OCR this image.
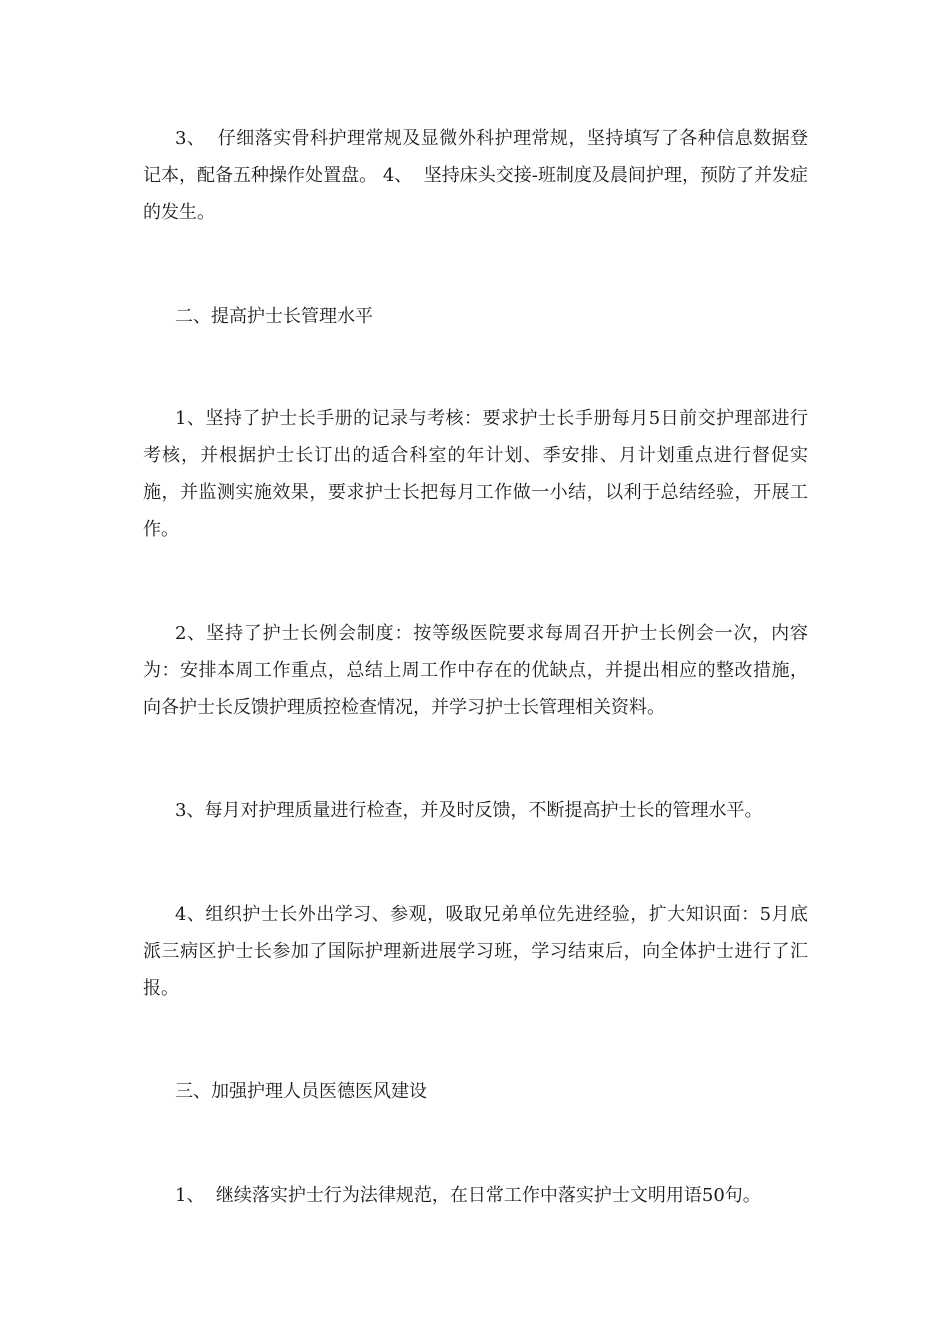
3、  仔细落实骨科护理常规及显微外科护理常规，坚持填写了各种信息数据登记本，配备五种操作处置盘。 4、  坚持床头交接-班制度及晨间护理，预防了并发症的发生。

二、提高护士长管理水平

1、坚持了护士长手册的记录与考核：要求护士长手册每月5日前交护理部进行考核，并根据护士长订出的适合科室的年计划、季安排、月计划重点进行督促实施，并监测实施效果，要求护士长把每月工作做一小结，以利于总结经验，开展工作。

2、坚持了护士长例会制度：按等级医院要求每周召开护士长例会一次，内容为：安排本周工作重点，总结上周工作中存在的优缺点，并提出相应的整改措施，向各护士长反馈护理质控检查情况，并学习护士长管理相关资料。

3、每月对护理质量进行检查，并及时反馈，不断提高护士长的管理水平。

4、组织护士长外出学习、参观，吸取兄弟单位先进经验，扩大知识面：5月底派三病区护士长参加了国际护理新进展学习班，学习结束后，向全体护士进行了汇报。

三、加强护理人员医德医风建设

1、  继续落实护士行为法律规范，在日常工作中落实护士文明用语50句。
